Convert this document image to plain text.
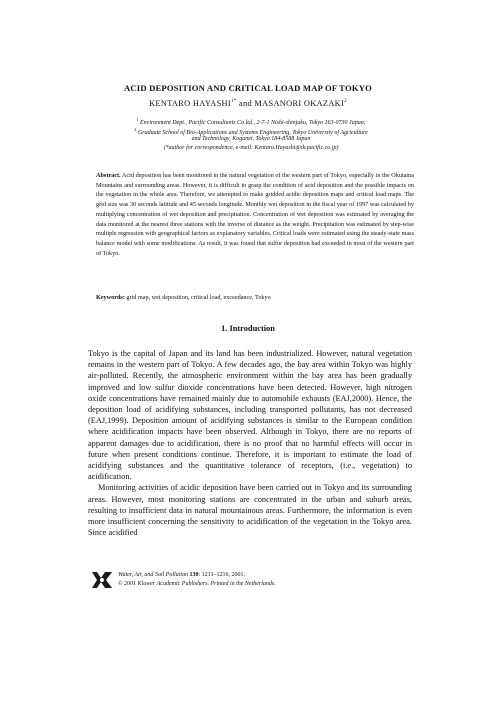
ACID DEPOSITION AND CRITICAL LOAD MAP OF TOKYO
KENTARO $HAYASHI^{1*}$ and MASANORI OKAZAKI$^2$
$^1$ Environment Dept., Pacific Consultants Co.ltd., 2-7-1 Nishi-shinjuku, Tokyo 163-0730 Japan;
$^2$ Graduate School of Bio-Applications and Systems Engineering, Tokyo University of Agriculture
and Technology, Koganei, Tokyo 184-8588 Japan
(*author for correspondence, e-mail: Kentaro.Hayashi@tk.pacific.co.jp)
Abstract. Acid deposition has been monitored in the natural vegetation of the western part of Tokyo, especially in the Okutama Mountains and surrounding areas. However, it is difficult to grasp the condition of acid deposition and the possible impacts on the vegetation in the whole area. Therefore, we attempted to make gridded acidic deposition maps and critical load maps. The grid size was 30 seconds latitude and 45 seconds longitude. Monthly wet deposition in the fiscal year of 1997 was calculated by multiplying concentration of wet deposition and precipitation. Concentration of wet deposition was estimated by averaging the data monitored at the nearest three stations with the inverse of distance as the weight. Precipitation was estimated by step-wise multiple regression with geographical factors as explanatory variables. Critical loads were estimated using the steady-state mass balance model with some modifications. As result, it was found that sulfur deposition had exceeded in most of the western part of Tokyo.
Keywords: grid map, wet deposition, critical load, exceedance, Tokyo
1. Introduction

Tokyo is the capital of Japan and its land has been industrialized. However, natural vegetation remains in the western part of Tokyo. A few decades ago, the bay area within Tokyo was highly air-polluted. Recently, the atmospheric environment within the bay area has been gradually improved and low sulfur dioxide concentrations have been detected. However, high nitrogen oxide concentrations have remained mainly due to automobile exhausts (EAJ,2000). Hence, the deposition load of acidifying substances, including transported pollutants, has not decreased (EAJ,1999). Deposition amount of acidifying substances is similar to the European condition where acidification impacts have been observed. Although in Tokyo, there are no reports of apparent damages due to acidification, there is no proof that no harmful effects will occur in future when present conditions continue. Therefore, it is important to estimate the load of acidifying substances and the quantitative tolerance of receptors, (i.e., vegetation) to acidification.

Monitoring activities of acidic deposition have been carried out in Tokyo and its surrounding areas. However, most monitoring stations are concentrated in the urban and suburb areas, resulting to insufficient data in natural mountainous areas. Furthermore, the information is even more insufficient concerning the sensitivity to acidification of the vegetation in the Tokyo area. Since acidified

Water, Air, and Soil Pollution 130: 1211–1216, 2001.
© 2001 Kluwer Academic Publishers. Printed in the Netherlands.
